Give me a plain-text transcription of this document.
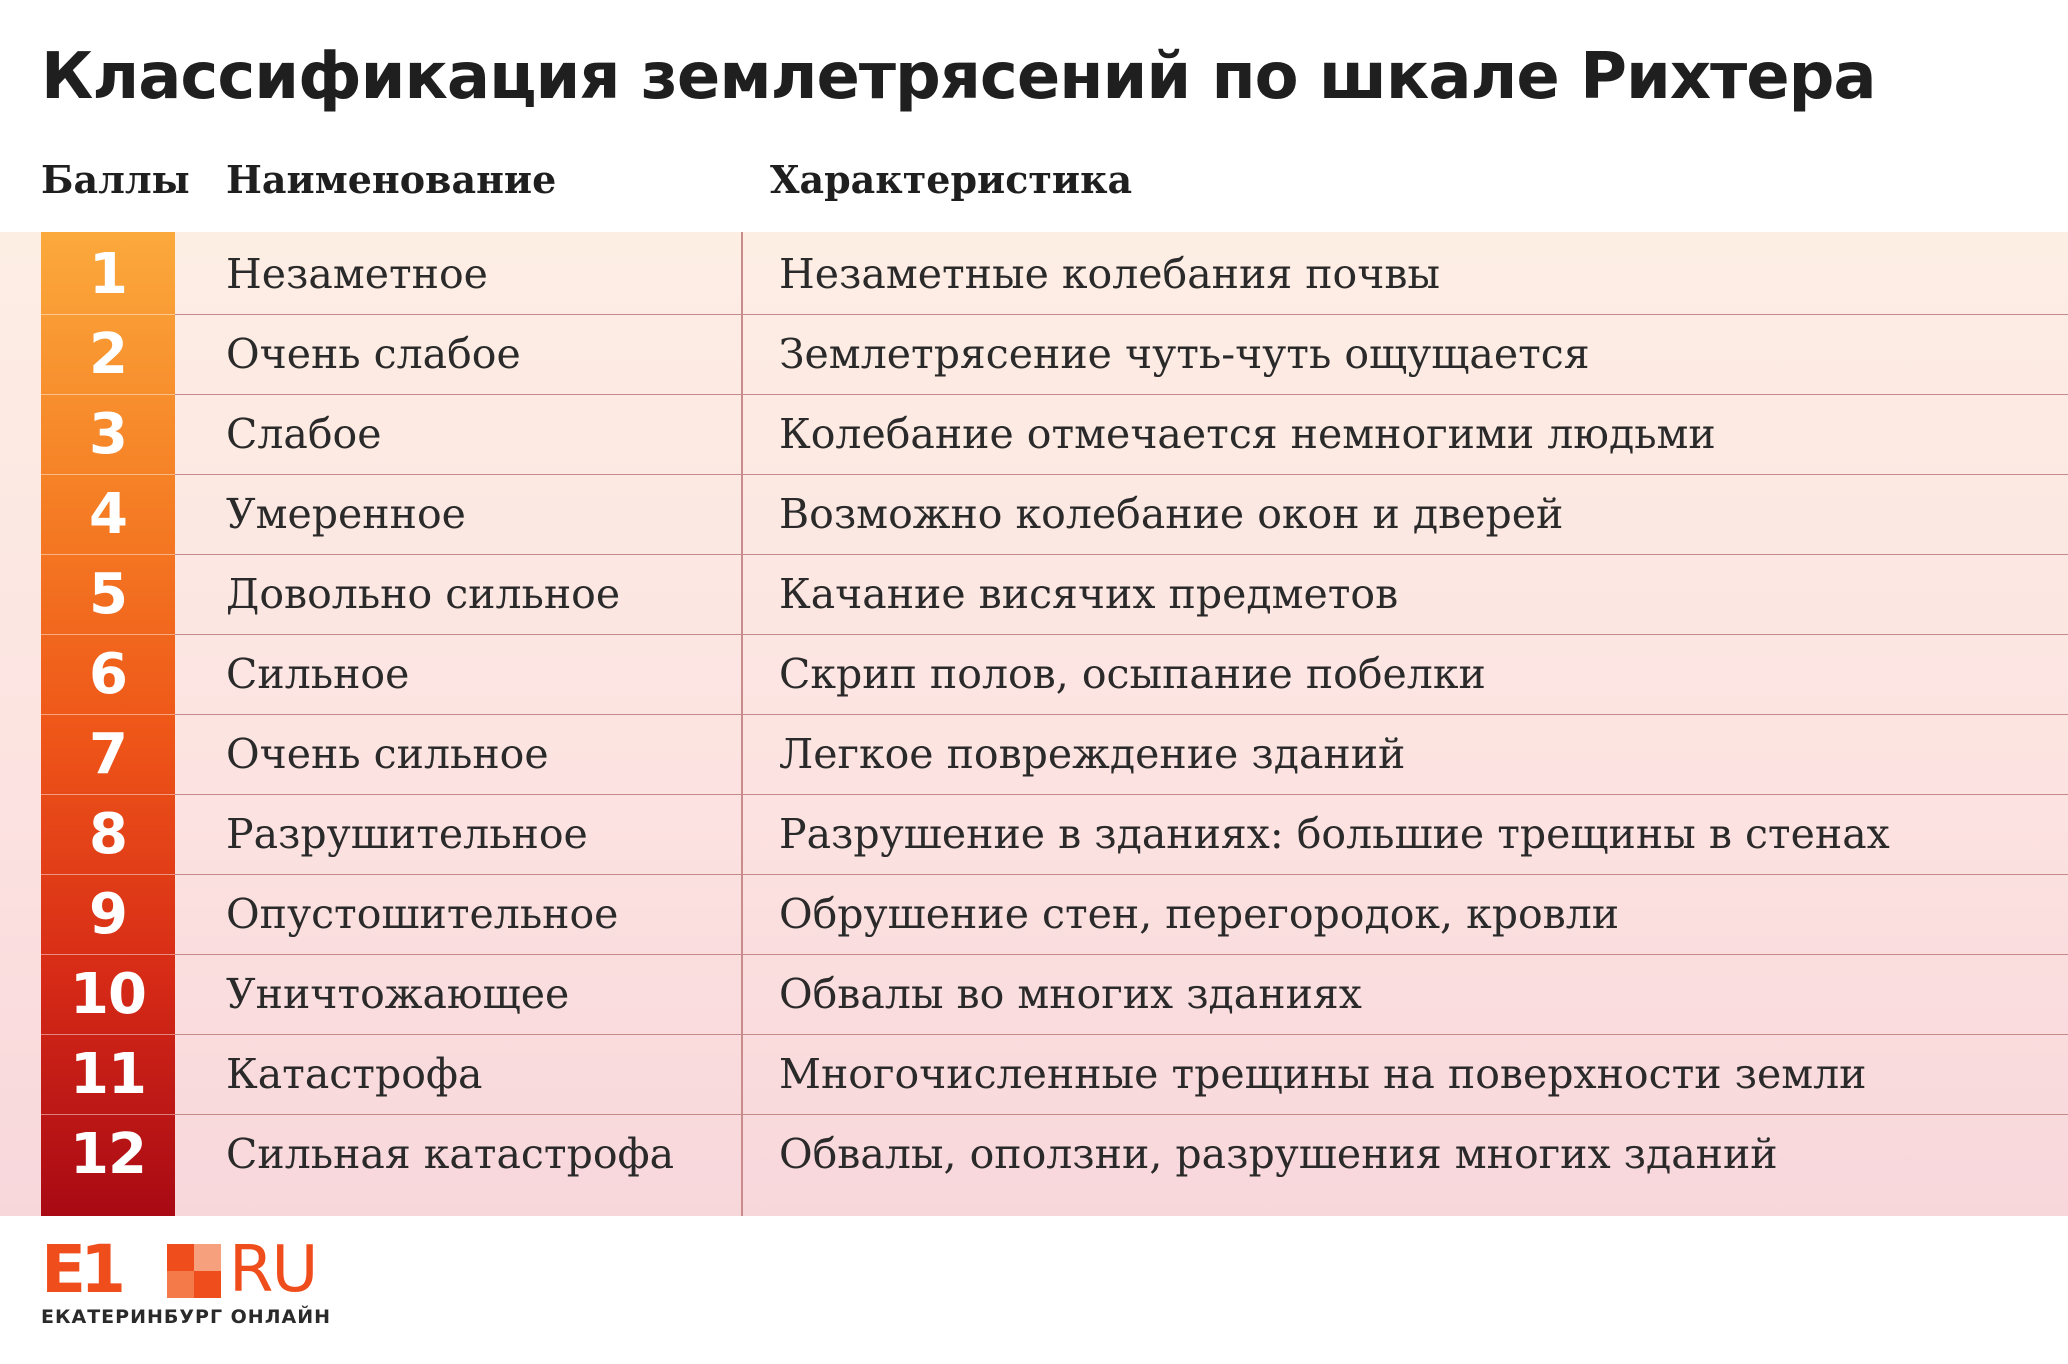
Классификация землетрясений по шкале Рихтера
Баллы Наименование	Характеристика
1	Незаметное	Незаметные колебания почвы
2	Очень слабое	Землетрясение чуть-чуть ощущается
3	Слабое	Колебание отмечается немногими людьми
4	Умеренное	Возможно колебание окон и дверей
5	Довольно сильное	Качание висячих предметов
6	Сильное	Скрип полов, осыпание побелки
7	Очень сильное	Легкое повреждение зданий
8	Разрушительное	Разрушение в зданиях: большие трещины в стенах
9	Опустошительное	Обрушение стен, перегородок, кровли
10	Уничтожающее	Обвалы во многих зданиях
11	Катастрофа	Многочисленные трещины на поверхности земли
12	Сильная катастрофа	Обвалы, оползни, разрушения многих зданий
E1 RU
ЕКАТЕРИНБУРГ ОНЛАЙН
